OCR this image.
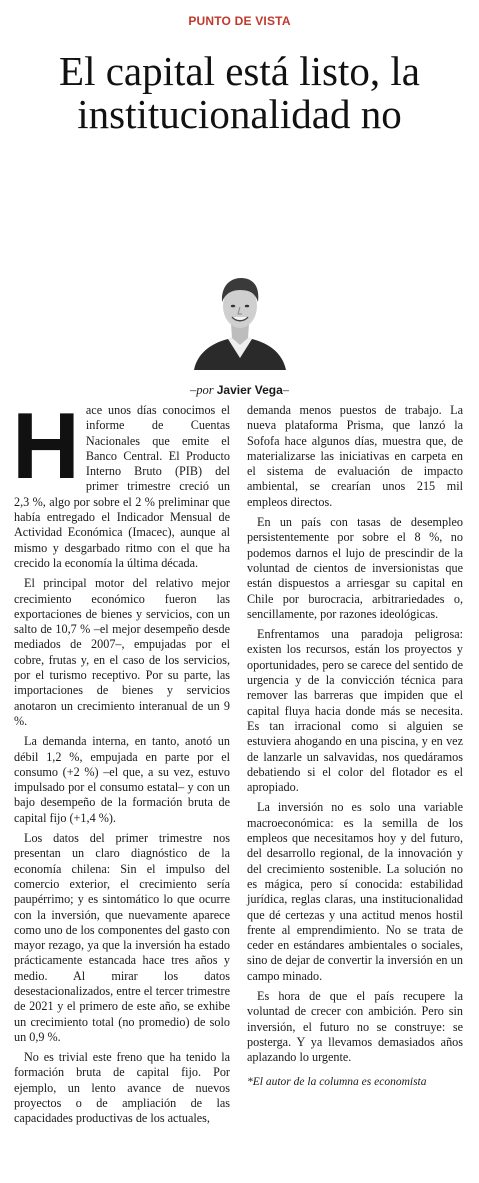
PUNTO DE VISTA
El capital está listo, la institucionalidad no
–por Javier Vega–

Hace unos días conocimos el informe de Cuentas Nacionales que emite el Banco Central. El Producto Interno Bruto (PIB) del primer trimestre creció un 2,3 %, algo por sobre el 2 % preliminar que había entregado el Indicador Mensual de Actividad Económica (Imacec), aunque al mismo y desgarbado ritmo con el que ha crecido la economía la última década.

El principal motor del relativo mejor crecimiento económico fueron las exportaciones de bienes y servicios, con un salto de 10,7 % –el mejor desempeño desde mediados de 2007–, empujadas por el cobre, frutas y, en el caso de los servicios, por el turismo receptivo. Por su parte, las importaciones de bienes y servicios anotaron un crecimiento interanual de un 9 %.

La demanda interna, en tanto, anotó un débil 1,2 %, empujada en parte por el consumo (+2 %) –el que, a su vez, estuvo impulsado por el consumo estatal– y con un bajo desempeño de la formación bruta de capital fijo (+1,4 %).

Los datos del primer trimestre nos presentan un claro diagnóstico de la economía chilena: Sin el impulso del comercio exterior, el crecimiento sería paupérrimo; y es sintomático lo que ocurre con la inversión, que nuevamente aparece como uno de los componentes del gasto con mayor rezago, ya que la inversión ha estado prácticamente estancada hace tres años y medio. Al mirar los datos desestacionalizados, entre el tercer trimestre de 2021 y el primero de este año, se exhibe un crecimiento total (no promedio) de solo un 0,9 %.

No es trivial este freno que ha tenido la formación bruta de capital fijo. Por ejemplo, un lento avance de nuevos proyectos o de ampliación de las capacidades productivas de los actuales,

demanda menos puestos de trabajo. La nueva plataforma Prisma, que lanzó la Sofofa hace algunos días, muestra que, de materializarse las iniciativas en carpeta en el sistema de evaluación de impacto ambiental, se crearían unos 215 mil empleos directos.

En un país con tasas de desempleo persistentemente por sobre el 8 %, no podemos darnos el lujo de prescindir de la voluntad de cientos de inversionistas que están dispuestos a arriesgar su capital en Chile por burocracia, arbitrariedades o, sencillamente, por razones ideológicas.

Enfrentamos una paradoja peligrosa: existen los recursos, están los proyectos y oportunidades, pero se carece del sentido de urgencia y de la convicción técnica para remover las barreras que impiden que el capital fluya hacia donde más se necesita. Es tan irracional como si alguien se estuviera ahogando en una piscina, y en vez de lanzarle un salvavidas, nos quedáramos debatiendo si el color del flotador es el apropiado.

La inversión no es solo una variable macroeconómica: es la semilla de los empleos que necesitamos hoy y del futuro, del desarrollo regional, de la innovación y del crecimiento sostenible. La solución no es mágica, pero sí conocida: estabilidad jurídica, reglas claras, una institucionalidad que dé certezas y una actitud menos hostil frente al emprendimiento. No se trata de ceder en estándares ambientales o sociales, sino de dejar de convertir la inversión en un campo minado.

Es hora de que el país recupere la voluntad de crecer con ambición. Pero sin inversión, el futuro no se construye: se posterga. Y ya llevamos demasiados años aplazando lo urgente.

*El autor de la columna es economista
